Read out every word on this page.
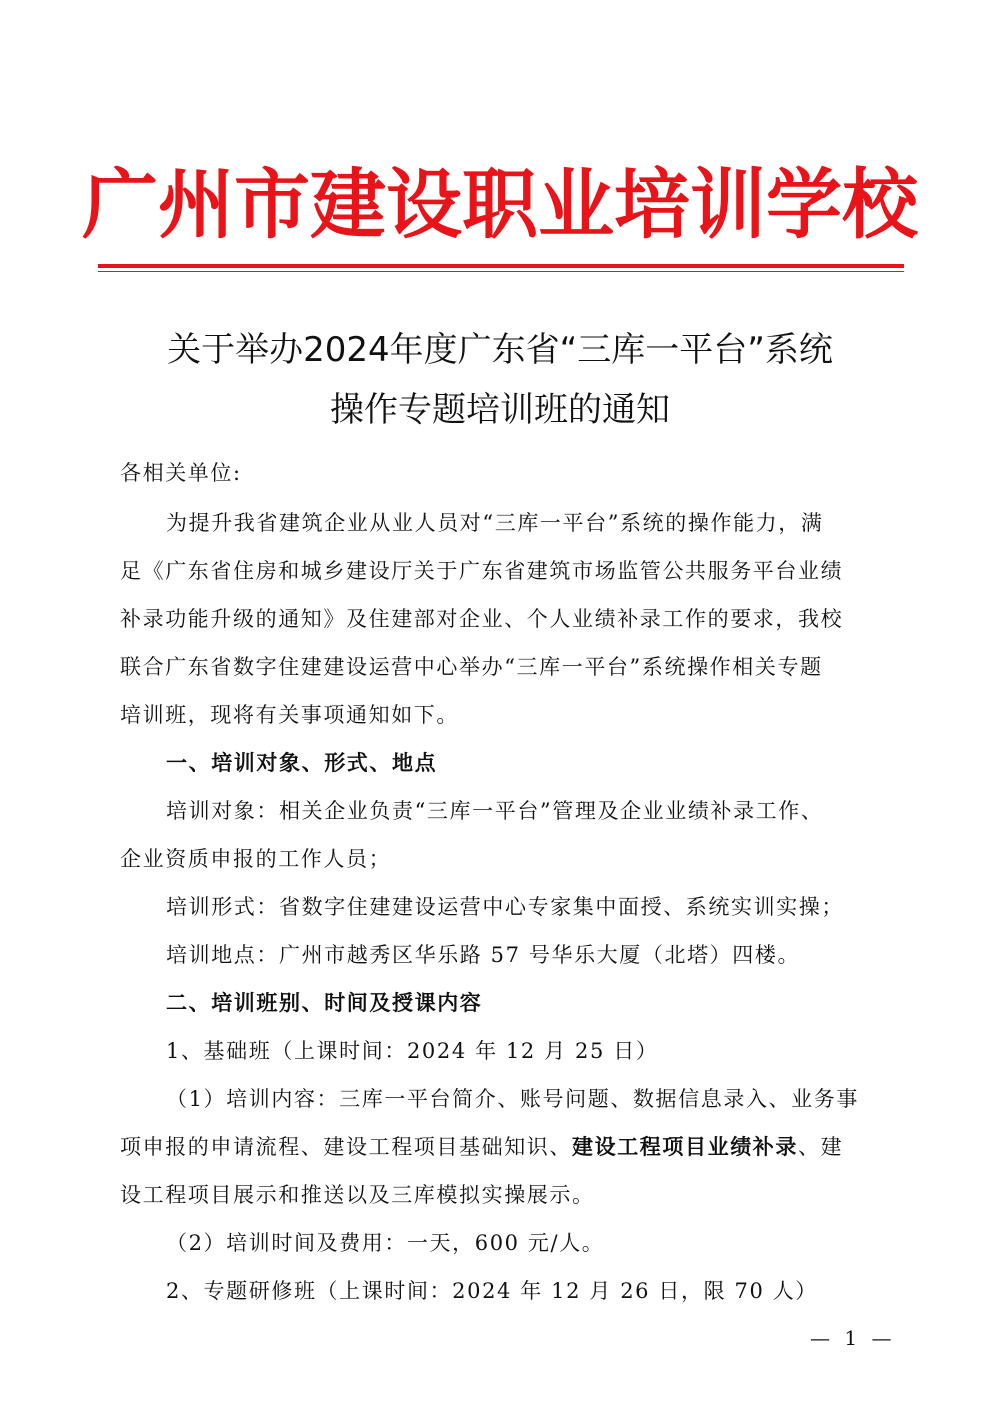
广州市建设职业培训学校
关于举办2024年度广东省“三库一平台”系统
操作专题培训班的通知
各相关单位:
为提升我省建筑企业从业人员对“三库一平台”系统的操作能力，满
足《广东省住房和城乡建设厅关于广东省建筑市场监管公共服务平台业绩
补录功能升级的通知》及住建部对企业、个人业绩补录工作的要求，我校
联合广东省数字住建建设运营中心举办“三库一平台”系统操作相关专题
培训班，现将有关事项通知如下。
一、培训对象、形式、地点
培训对象：相关企业负责“三库一平台”管理及企业业绩补录工作、
企业资质申报的工作人员；
培训形式：省数字住建建设运营中心专家集中面授、系统实训实操；
培训地点：广州市越秀区华乐路 57 号华乐大厦（北塔）四楼。
二、培训班别、时间及授课内容
1、基础班（上课时间：2024 年 12 月 25 日）
（1）培训内容：三库一平台简介、账号问题、数据信息录入、业务事
项申报的申请流程、建设工程项目基础知识、建设工程项目业绩补录、建
设工程项目展示和推送以及三库模拟实操展示。
（2）培训时间及费用：一天，600 元/人。
2、专题研修班（上课时间：2024 年 12 月 26 日，限 70 人）
— 1 —
